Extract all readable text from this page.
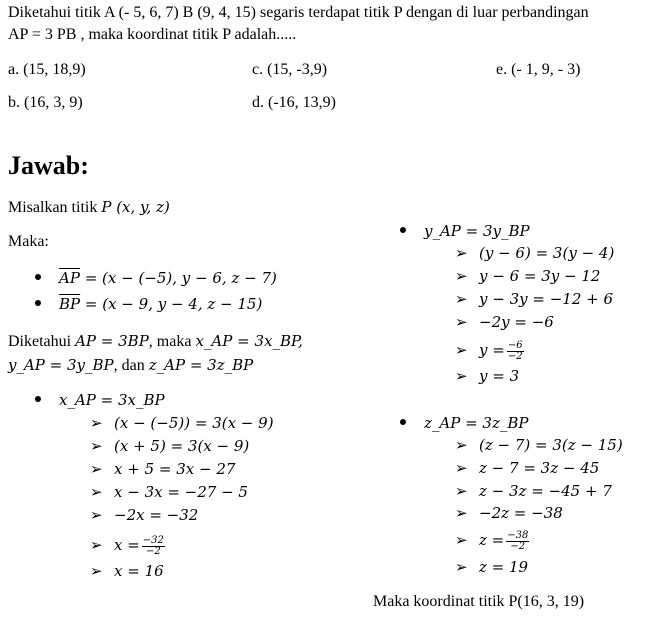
Diketahui titik A (- 5, 6, 7) B (9, 4, 15) segaris terdapat titik P dengan di luar perbandingan
AP = 3 PB , maka koordinat titik P adalah.....
a. (15, 18,9)	c. (15, -3,9)	e. (- 1, 9, - 3)
b. (16, 3, 9)	d. (-16, 13,9)
Jawab:
Misalkan titik P (x, y, z)
Maka:
$\overline{AP} = (x - (-5)$, y − 6, z − 7)
$\overline{BP} = (x - 9$, y − 4, z − 15)
Diketahui AP = 3BP, maka x_AP = 3x_BP,
y_AP = 3y_BP, dan z_AP = 3z_BP
x_AP = 3x_BP
➢ (x − (−5)) = 3(x − 9)
➢ (x + 5) = 3(x − 9)
➢ x + 5 = 3x − 27
➢ x − 3x = −27 − 5
➢ −2x = −32
➢ $x = \frac{-32}{-2}$
➢ x = 16
y_AP = 3y_BP
➢ (y − 6) = 3(y − 4)
➢ y − 6 = 3y − 12
➢ y − 3y = −12 + 6
➢ −2y = −6
➢ $y = \frac{-6}{-2}$
➢ y = 3
z_AP = 3z_BP
➢ (z − 7) = 3(z − 15)
➢ z − 7 = 3z − 45
➢ z − 3z = −45 + 7
➢ −2z = −38
➢ $z = \frac{-38}{-2}$
➢ z = 19
Maka koordinat titik P(16, 3, 19)
